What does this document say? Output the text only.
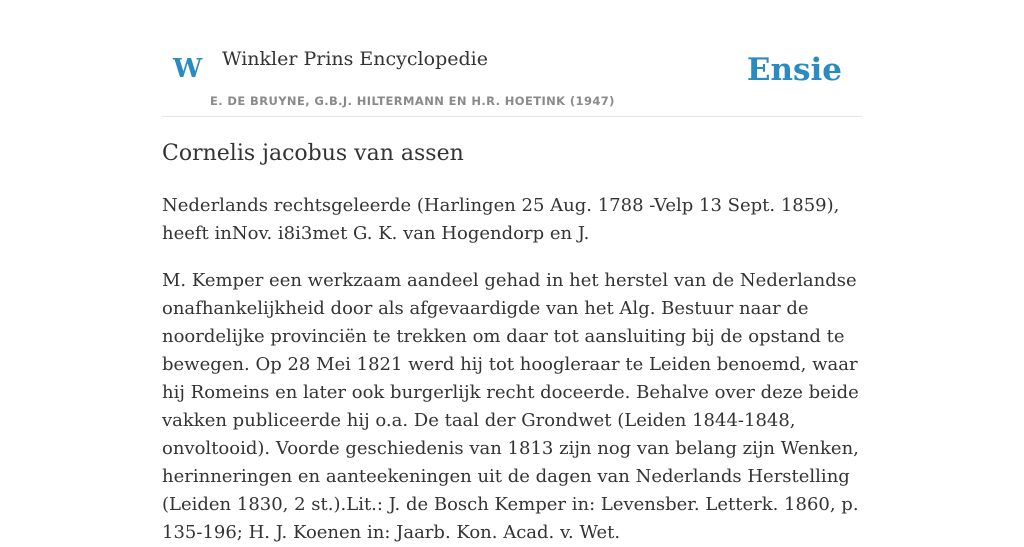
W Winkler Prins Encyclopedie
E. DE BRUYNE, G.B.J. HILTERMANN EN H.R. HOETINK (1947)
Ensie
Cornelis jacobus van assen

Nederlands rechtsgeleerde (Harlingen 25 Aug. 1788 -Velp 13 Sept. 1859), heeft inNov. i8i3met G. K. van Hogendorp en J.

M. Kemper een werkzaam aandeel gehad in het herstel van de Nederlandse onafhankelijkheid door als afgevaardigde van het Alg. Bestuur naar de noordelijke provinciën te trekken om daar tot aansluiting bij de opstand te bewegen. Op 28 Mei 1821 werd hij tot hoogleraar te Leiden benoemd, waar hij Romeins en later ook burgerlijk recht doceerde. Behalve over deze beide vakken publiceerde hij o.a. De taal der Grondwet (Leiden 1844-1848, onvoltooid). Voorde geschiedenis van 1813 zijn nog van belang zijn Wenken, herinneringen en aanteekeningen uit de dagen van Nederlands Herstelling (Leiden 1830, 2 st.).Lit.: J. de Bosch Kemper in: Levensber. Letterk. 1860, p. 135-196; H. J. Koenen in: Jaarb. Kon. Acad. v. Wet.
